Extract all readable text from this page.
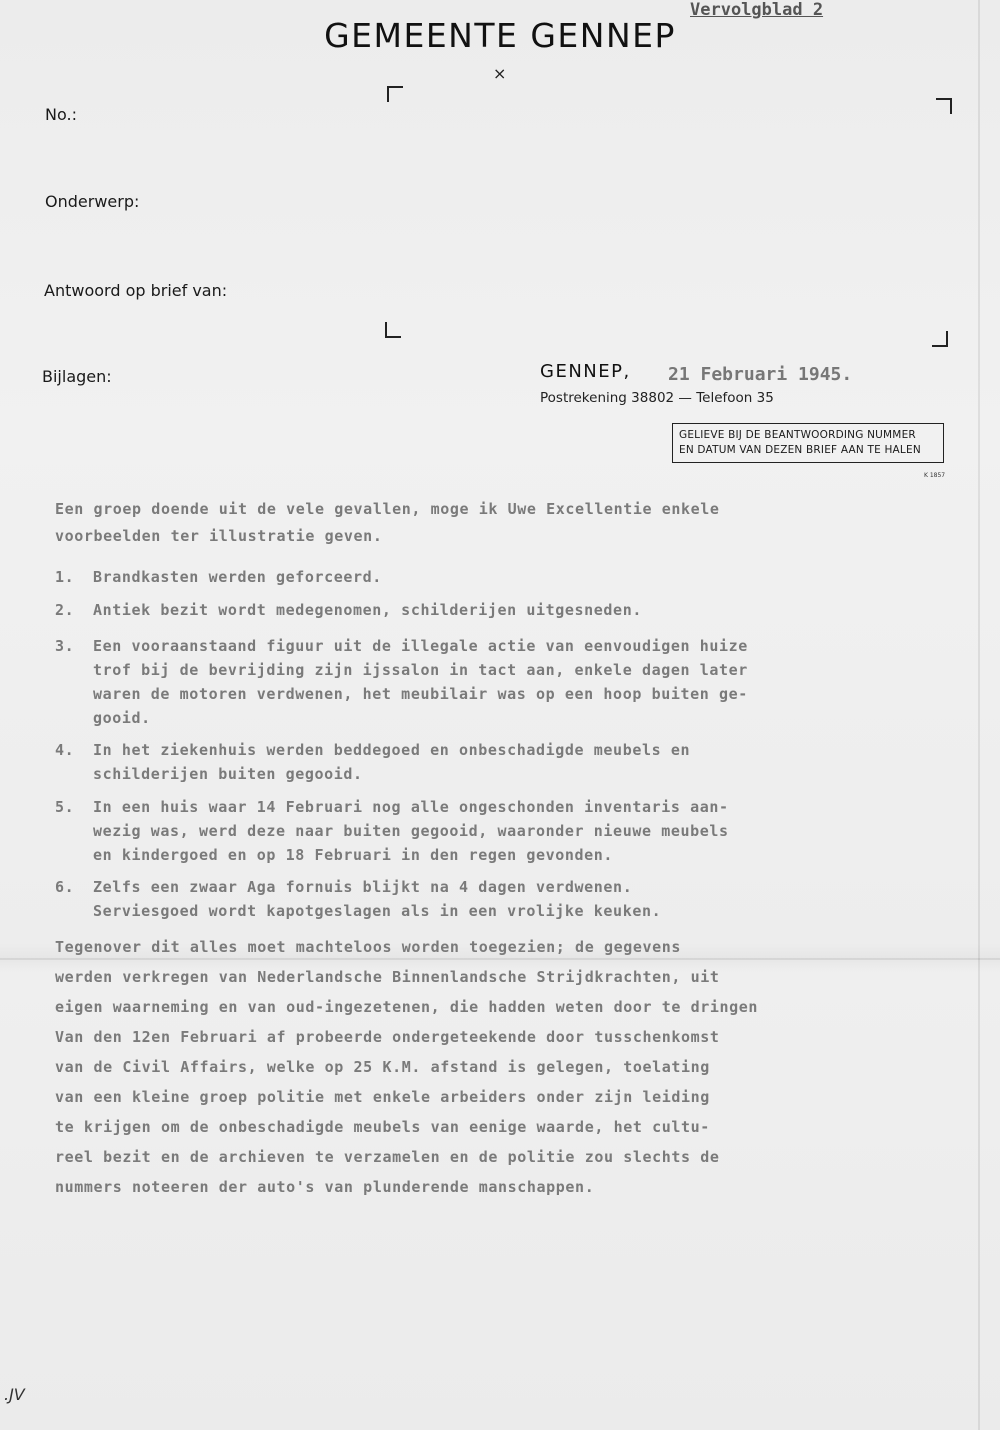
Vervolgblad 2
GEMEENTE GENNEP
×
No.:
Onderwerp:
Antwoord op brief van:
Bijlagen:	GENNEP, 21 Februari 1945.
Postrekening 38802 — Telefoon 35
GELIEVE BIJ DE BEANTWOORDING NUMMER
EN DATUM VAN DEZEN BRIEF AAN TE HALEN
K 1857
Een groep doende uit de vele gevallen, moge ik Uwe Excellentie enkele
voorbeelden ter illustratie geven.
1. Brandkasten werden geforceerd.
2. Antiek bezit wordt medegenomen, schilderijen uitgesneden.
3. Een vooraanstaand figuur uit de illegale actie van eenvoudigen huize
trof bij de bevrijding zijn ijssalon in tact aan, enkele dagen later
waren de motoren verdwenen, het meubilair was op een hoop buiten ge-
gooid.
4. In het ziekenhuis werden beddegoed en onbeschadigde meubels en
schilderijen buiten gegooid.
5. In een huis waar 14 Februari nog alle ongeschonden inventaris aan-
wezig was, werd deze naar buiten gegooid, waaronder nieuwe meubels
en kindergoed en op 18 Februari in den regen gevonden.
6. Zelfs een zwaar Aga fornuis blijkt na 4 dagen verdwenen.
Serviesgoed wordt kapotgeslagen als in een vrolijke keuken.
Tegenover dit alles moet machteloos worden toegezien; de gegevens
werden verkregen van Nederlandsche Binnenlandsche Strijdkrachten, uit
eigen waarneming en van oud-ingezetenen, die hadden weten door te dringen
Van den 12en Februari af probeerde ondergeteekende door tusschenkomst
van de Civil Affairs, welke op 25 K.M. afstand is gelegen, toelating
van een kleine groep politie met enkele arbeiders onder zijn leiding
te krijgen om de onbeschadigde meubels van eenige waarde, het cultu-
reel bezit en de archieven te verzamelen en de politie zou slechts de
nummers noteeren der auto's van plunderende manschappen.
.JV
